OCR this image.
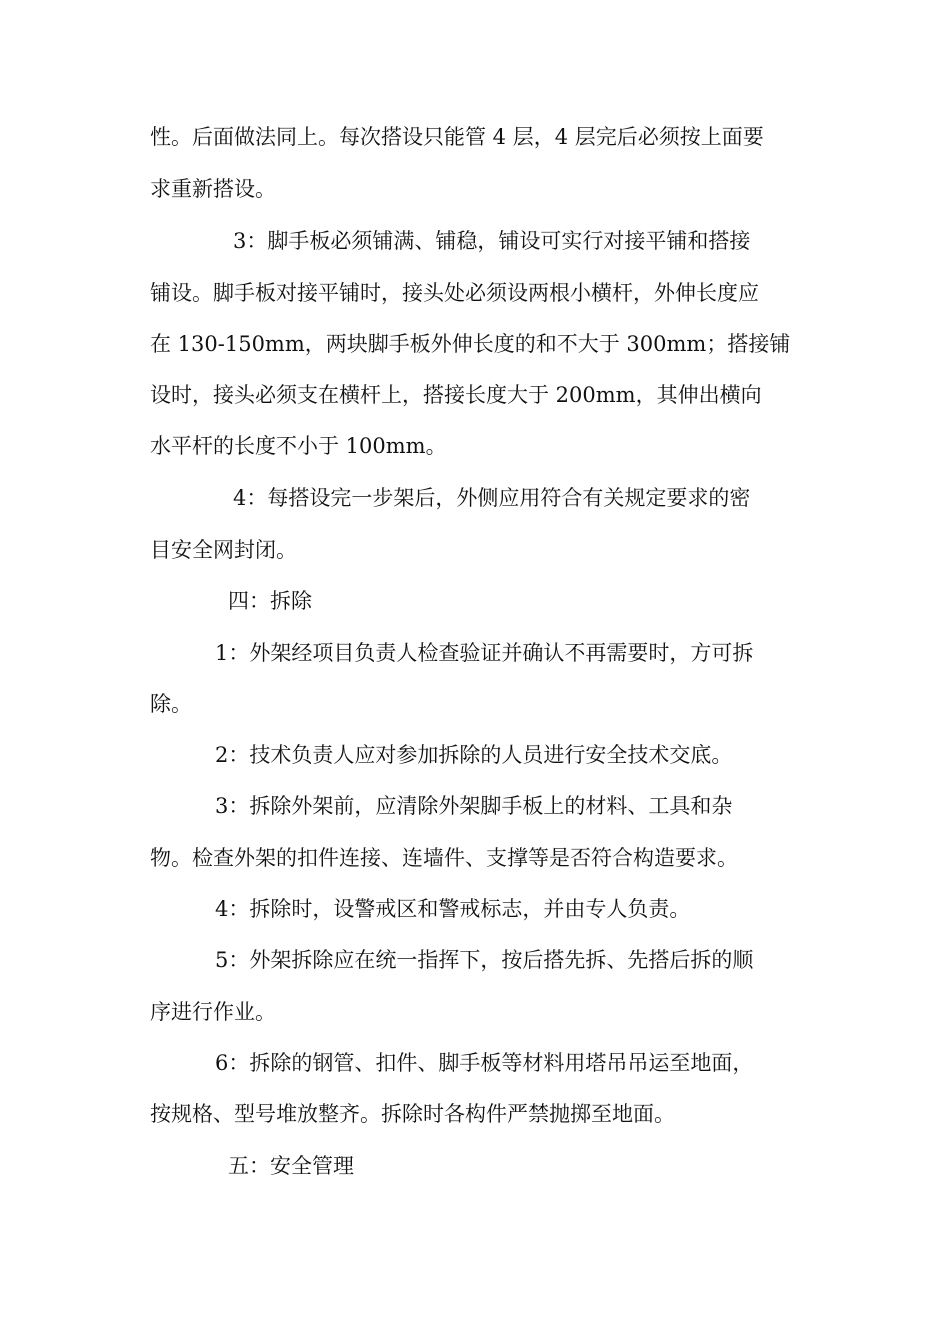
性。后面做法同上。每次搭设只能管 4 层，4 层完后必须按上面要
求重新搭设。
3：脚手板必须铺满、铺稳，铺设可实行对接平铺和搭接
铺设。脚手板对接平铺时，接头处必须设两根小横杆，外伸长度应
在 130-150mm，两块脚手板外伸长度的和不大于 300mm；搭接铺
设时，接头必须支在横杆上，搭接长度大于 200mm，其伸出横向
水平杆的长度不小于 100mm。
4：每搭设完一步架后，外侧应用符合有关规定要求的密
目安全网封闭。
四：拆除
1：外架经项目负责人检查验证并确认不再需要时，方可拆
除。
2：技术负责人应对参加拆除的人员进行安全技术交底。
3：拆除外架前，应清除外架脚手板上的材料、工具和杂
物。检查外架的扣件连接、连墙件、支撑等是否符合构造要求。
4：拆除时，设警戒区和警戒标志，并由专人负责。
5：外架拆除应在统一指挥下，按后搭先拆、先搭后拆的顺
序进行作业。
6：拆除的钢管、扣件、脚手板等材料用塔吊吊运至地面，
按规格、型号堆放整齐。拆除时各构件严禁抛掷至地面。
五：安全管理
